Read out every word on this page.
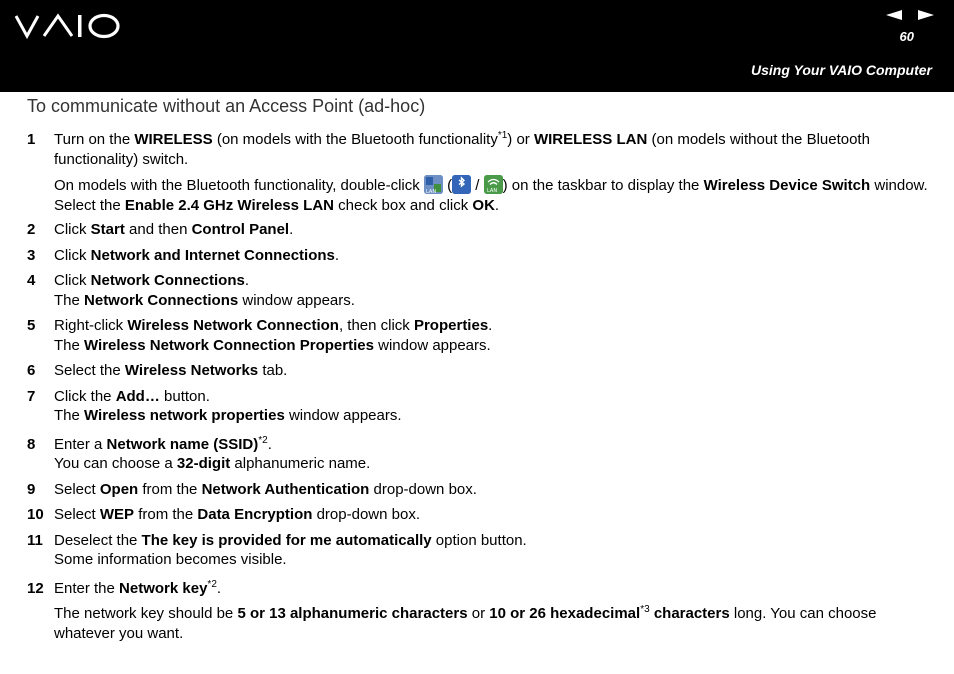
60
Using Your VAIO Computer
To communicate without an Access Point (ad-hoc)
1 Turn on the WIRELESS (on models with the Bluetooth functionality$^{*1}$) or WIRELESS LAN (on models without the Bluetooth functionality) switch.
On models with the Bluetooth functionality, double-click LAN (
/ LAN ) on the taskbar to display the Wireless Device Switch window. Select the Enable 2.4 GHz Wireless LAN check box and click OK.
2 Click Start and then Control Panel.
3 Click Network and Internet Connections.
4 Click Network Connections.
The Network Connections window appears.
5 Right-click Wireless Network Connection, then click Properties.
The Wireless Network Connection Properties window appears.
6 Select the Wireless Networks tab.
7 Click the Add… button.
The Wireless network properties window appears.
8 Enter a Network name (SSID)$^{*2}$.
You can choose a 32-digit alphanumeric name.
9 Select Open from the Network Authentication drop-down box.
10 Select WEP from the Data Encryption drop-down box.
11 Deselect the The key is provided for me automatically option button.
Some information becomes visible.
12 Enter the Network key$^{*2}$.
The network key should be 5 or 13 alphanumeric characters or 10 or 26 hexadecimal$^{*3}$ characters long. You can choose whatever you want.
